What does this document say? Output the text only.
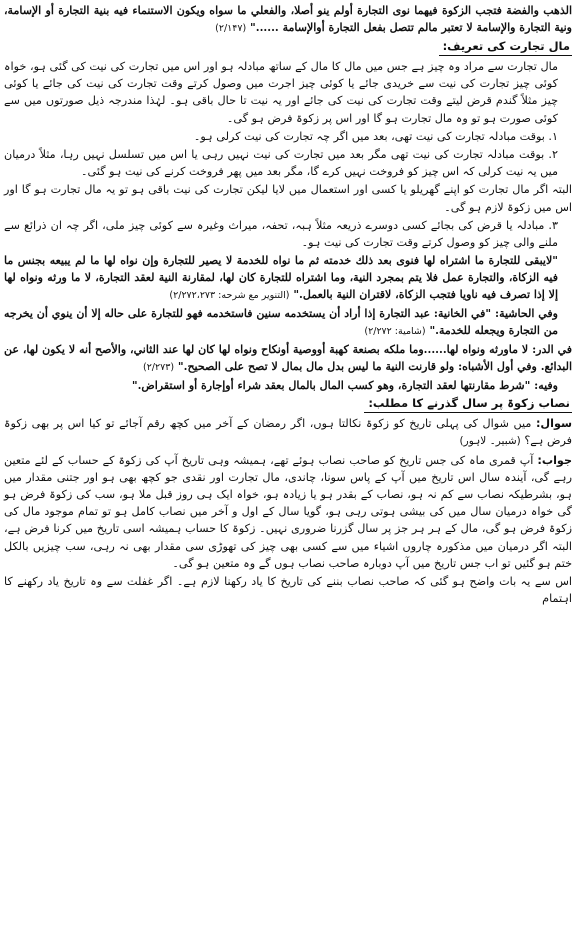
الذهب والفضة فتجب الزكوة فيهما نوى التجارة أولم ينو أصلا، والفعلي ما سواه ويكون الاستنماء فيه بنية التجارة أو الإسامة، ونية التجارة والإسامة لا تعتبر مالم تتصل بفعل التجارة أوالإسامة ......" (۲/۱۴۷)

مال تجارت کی تعریف:

مال تجارت سے مراد وہ چیز ہے جس میں مال کا مال کے ساتھ مبادلہ ہو اور اس میں تجارت کی نیت کی گئی ہو، خواہ کوئی چیز تجارت کی نیت سے خریدی جائے یا کوئی چیز اجرت میں وصول کرتے وقت تجارت کی نیت کی جائے یا کوئی چیز مثلاً گندم قرض لیتے وقت تجارت کی نیت کی جائے اور یہ نیت تا حال باقی ہو۔ لہٰذا مندرجہ ذیل صورتوں میں سے کوئی صورت ہو تو وہ مال تجارت ہو گا اور اس پر زکوۃ فرض ہو گی۔

١. بوقت مبادلہ تجارت کی نیت تھی، بعد میں اگر چہ تجارت کی نیت کرلی ہو۔

٢. بوقت مبادلہ تجارت کی نیت تھی مگر بعد میں تجارت کی نیت نہیں رہی یا اس میں تسلسل نہیں رہا، مثلاً درمیان میں یہ نیت کرلی کہ اس چیز کو فروخت نہیں کرے گا، مگر بعد میں پھر فروخت کرنے کی نیت ہو گئی۔

البتہ اگر مال تجارت کو اپنے گھریلو یا کسی اور استعمال میں لایا لیکن تجارت کی نیت باقی ہو تو یہ مال تجارت ہو گا اور اس میں زکوۃ لازم ہو گی۔

٣. مبادلہ یا قرض کی بجائے کسی دوسرے ذریعہ مثلاً ہبہ، تحفہ، میراث وغیرہ سے کوئی چیز ملی، اگر چہ ان ذرائع سے ملنے والی چیز کو وصول کرتے وقت تجارت کی نیت ہو۔

"لايبقى للتجارة ما اشتراه لها فنوى بعد ذلك خدمته ثم ما نواه للخدمة لا يصير للتجارة وإن نواه لها ما لم يبيعه بجنس ما فيه الزكاة، والتجارة عمل فلا يتم بمجرد النية، وما اشتراه للتجارة كان لها، لمقارنة النية لعقد التجارة، لا ما ورثه ونواه لها إلا إذا تصرف فيه ناويا فتجب الزكاة، لاقتران النية بالعمل." (التنوير مع شرحه: ۲/۲۷۲،۲۷۳)

وفي الحاشية: "في الخانية: عبد التجارة إذا أراد أن يستخدمه سنين فاستخدمه فهو للتجارة على حاله إلا أن ينوي أن يخرجه من التجارة ويجعله للخدمة." (شامية: ۲/۲۷۲)

في الدر: لا ماورثه ونواه لها......وما ملكه بصنعة كهبة أووصية أونكاح ونواه لها كان لها عند الثاني، والأصح أنه لا يكون لها، عن البدائع. وفي أول الأشباه: ولو قارنت النية ما ليس بدل مال بمال لا تصح على الصحيح." (۲/۲۷۳)

وفيه: "شرط مقارنتها لعقد التجارة، وهو كسب المال بالمال بعقد شراء أوإجارة أو استقراض."

نصاب زکوۃ پر سال گذرنے کا مطلب:

سوال: میں شوال کی پہلی تاریخ کو زکوۃ نکالتا ہوں، اگر رمضان کے آخر میں کچھ رقم آجائے تو کیا اس پر بھی زکوۃ فرض ہے؟ (شبیر۔ لاہور)

جواب: آپ قمری ماہ کی جس تاریخ کو صاحب نصاب ہوئے تھے، ہمیشہ وہی تاریخ آپ کی زکوۃ کے حساب کے لئے متعین رہے گی، آیندہ سال اس تاریخ میں آپ کے پاس سونا، چاندی، مال تجارت اور نقدی جو کچھ بھی ہو اور جتنی مقدار میں ہو، بشرطیکہ نصاب سے کم نہ ہو، نصاب کے بقدر ہو یا زیادہ ہو، خواہ ایک ہی روز قبل ملا ہو، سب کی زکوۃ فرض ہو گی خواہ درمیان سال میں کی بیشی ہوتی رہی ہو، گویا سال کے اول و آخر میں نصاب کامل ہو تو تمام موجود مال کی زکوۃ فرض ہو گی، مال کے ہر ہر جز پر سال گزرنا ضروری نہیں۔ زکوۃ کا حساب ہمیشہ اسی تاریخ میں کرنا فرض ہے، البتہ اگر درمیان میں مذکورہ چاروں اشیاء میں سے کسی بھی چیز کی تھوڑی سی مقدار بھی نہ رہی، سب چیزیں بالکل ختم ہو گئیں تو اب جس تاریخ میں آپ دوبارہ صاحب نصاب ہوں گے وہ متعین ہو گی۔

اس سے یہ بات واضح ہو گئی کہ صاحب نصاب بننے کی تاریخ کا یاد رکھنا لازم ہے۔ اگر غفلت سے وہ تاریخ یاد رکھنے کا اہتمام
